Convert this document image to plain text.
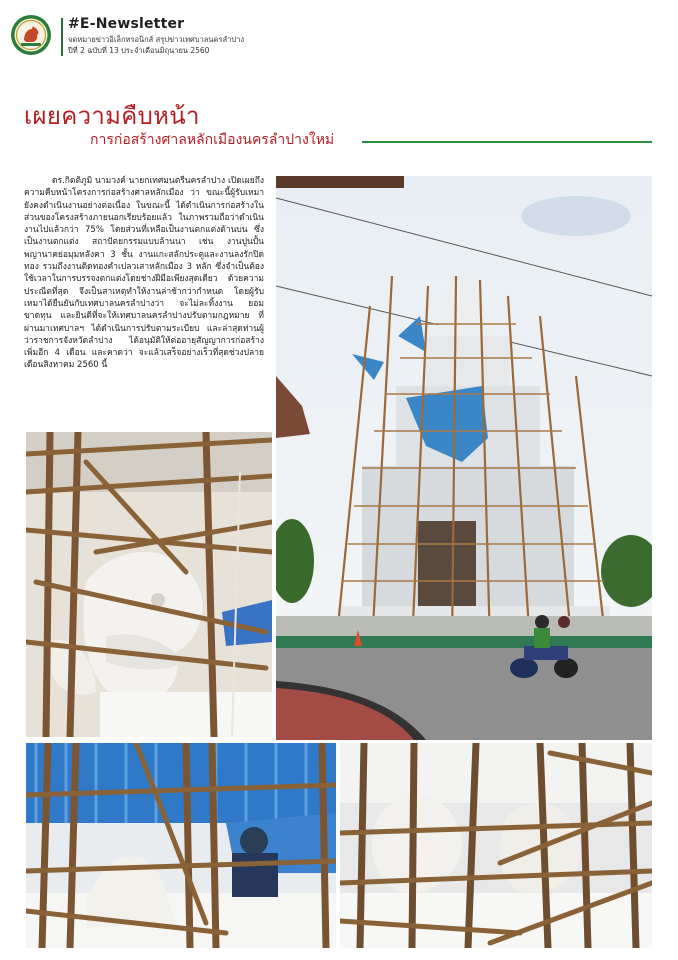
#E-Newsletter
จดหมายข่าวอิเล็กทรอนิกส์ สรุปข่าวเทศบาลนครลำปาง
ปีที่ 2 ฉบับที่ 13 ประจำเดือนมิถุนายน 2560
เผยความคืบหน้า
การก่อสร้างศาลหลักเมืองนครลำปางใหม่

ดร.กิตติภูมิ นามวงค์ นายกเทศมนตรีนครลำปาง เปิดเผยถึงความคืบหน้าโครงการก่อสร้างศาลหลักเมือง ว่า ขณะนี้ผู้รับเหมายังคงดำเนินงานอย่างต่อเนื่อง ในขณะนี้ ได้ดำเนินการก่อสร้างในส่วนของโครงสร้างภายนอกเรียบร้อยแล้ว ในภาพรวมถือว่าดำเนินงานไปแล้วกว่า 75% โดยส่วนที่เหลือเป็นงานตกแต่งด้านบน ซึ่งเป็นงานตกแต่ง สถาปัตยกรรมแบบล้านนา เช่น งานปูนปั้นพญานาคย่อมุมหลังคา 3 ชั้น งานแกะสลักประตูและงานลงรักปิดทอง รวมถึงงานติดทองคำเปลวเสาหลักเมือง 3 หลัก ซึ่งจำเป็นต้องใช้เวลาในการบรรจงตกแต่งโดยช่างฝีมือเพียงสุดเดียว ด้วยความประณีตที่สุด จึงเป็นสาเหตุทำให้งานล่าช้ากว่ากำหนด โดยผู้รับเหมาได้ยืนยันกับเทศบาลนครลำปางว่า จะไม่ละทิ้งงาน ยอมขาดทุน และยินดีที่จะให้เทศบาลนครลำปางปรับตามกฎหมาย ที่ผ่านมาเทศบาลฯ ได้ดำเนินการปรับตามระเบียบ และล่าสุดท่านผู้ว่าราชการจังหวัดลำปาง ได้อนุมัติให้ต่ออายุสัญญาการก่อสร้างเพิ่มอีก 4 เดือน และคาดว่า จะแล้วเสร็จอย่างเร็วที่สุดช่วงปลายเดือนสิงหาคม 2560 นี้
